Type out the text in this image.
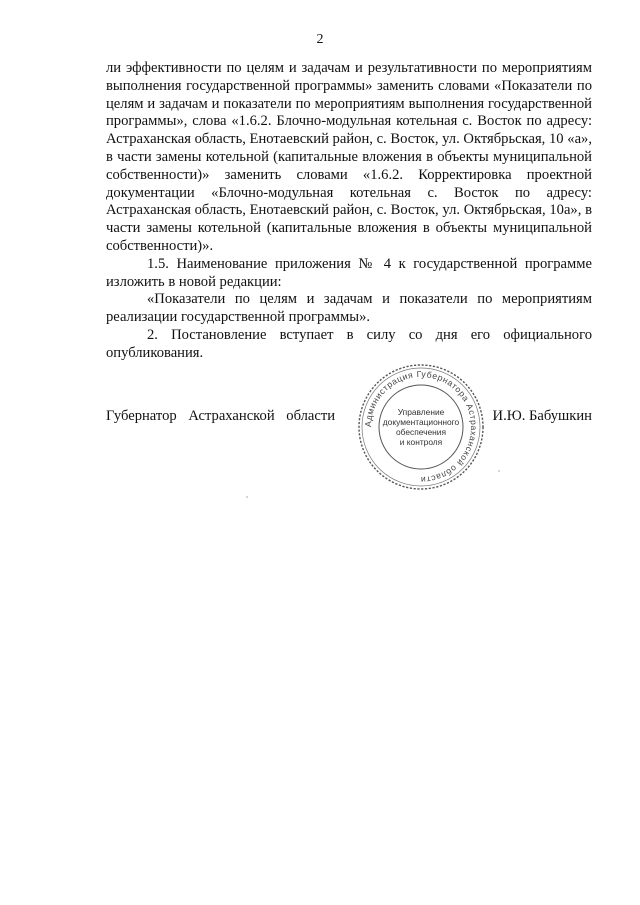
2

ли эффективности по целям и задачам и результативности по мероприятиям выполнения государственной программы» заменить словами «Показатели по целям и задачам и показатели по мероприятиям выполнения государственной программы», слова «1.6.2. Блочно-модульная котельная с. Восток по адресу: Астраханская область, Енотаевский район, с. Восток, ул. Октябрьская, 10 «а», в части замены котельной (капитальные вложения в объекты муниципальной собственности)» заменить словами «1.6.2. Корректировка проектной документации «Блочно-модульная котельная с. Восток по адресу: Астраханская область, Енотаевский район, с. Восток, ул. Октябрьская, 10а», в части замены котельной (капитальные вложения в объекты муниципальной собственности)».

1.5. Наименование приложения № 4 к государственной программе изложить в новой редакции:

«Показатели по целям и задачам и показатели по мероприятиям реализации государственной программы».

2. Постановление вступает в силу со дня его официального опубликования.

Губернатор Астраханской области	И.Ю. Бабушкин
Администрация Губернатора Астраханской области
Управление
документационного
обеспечения
и контроля
